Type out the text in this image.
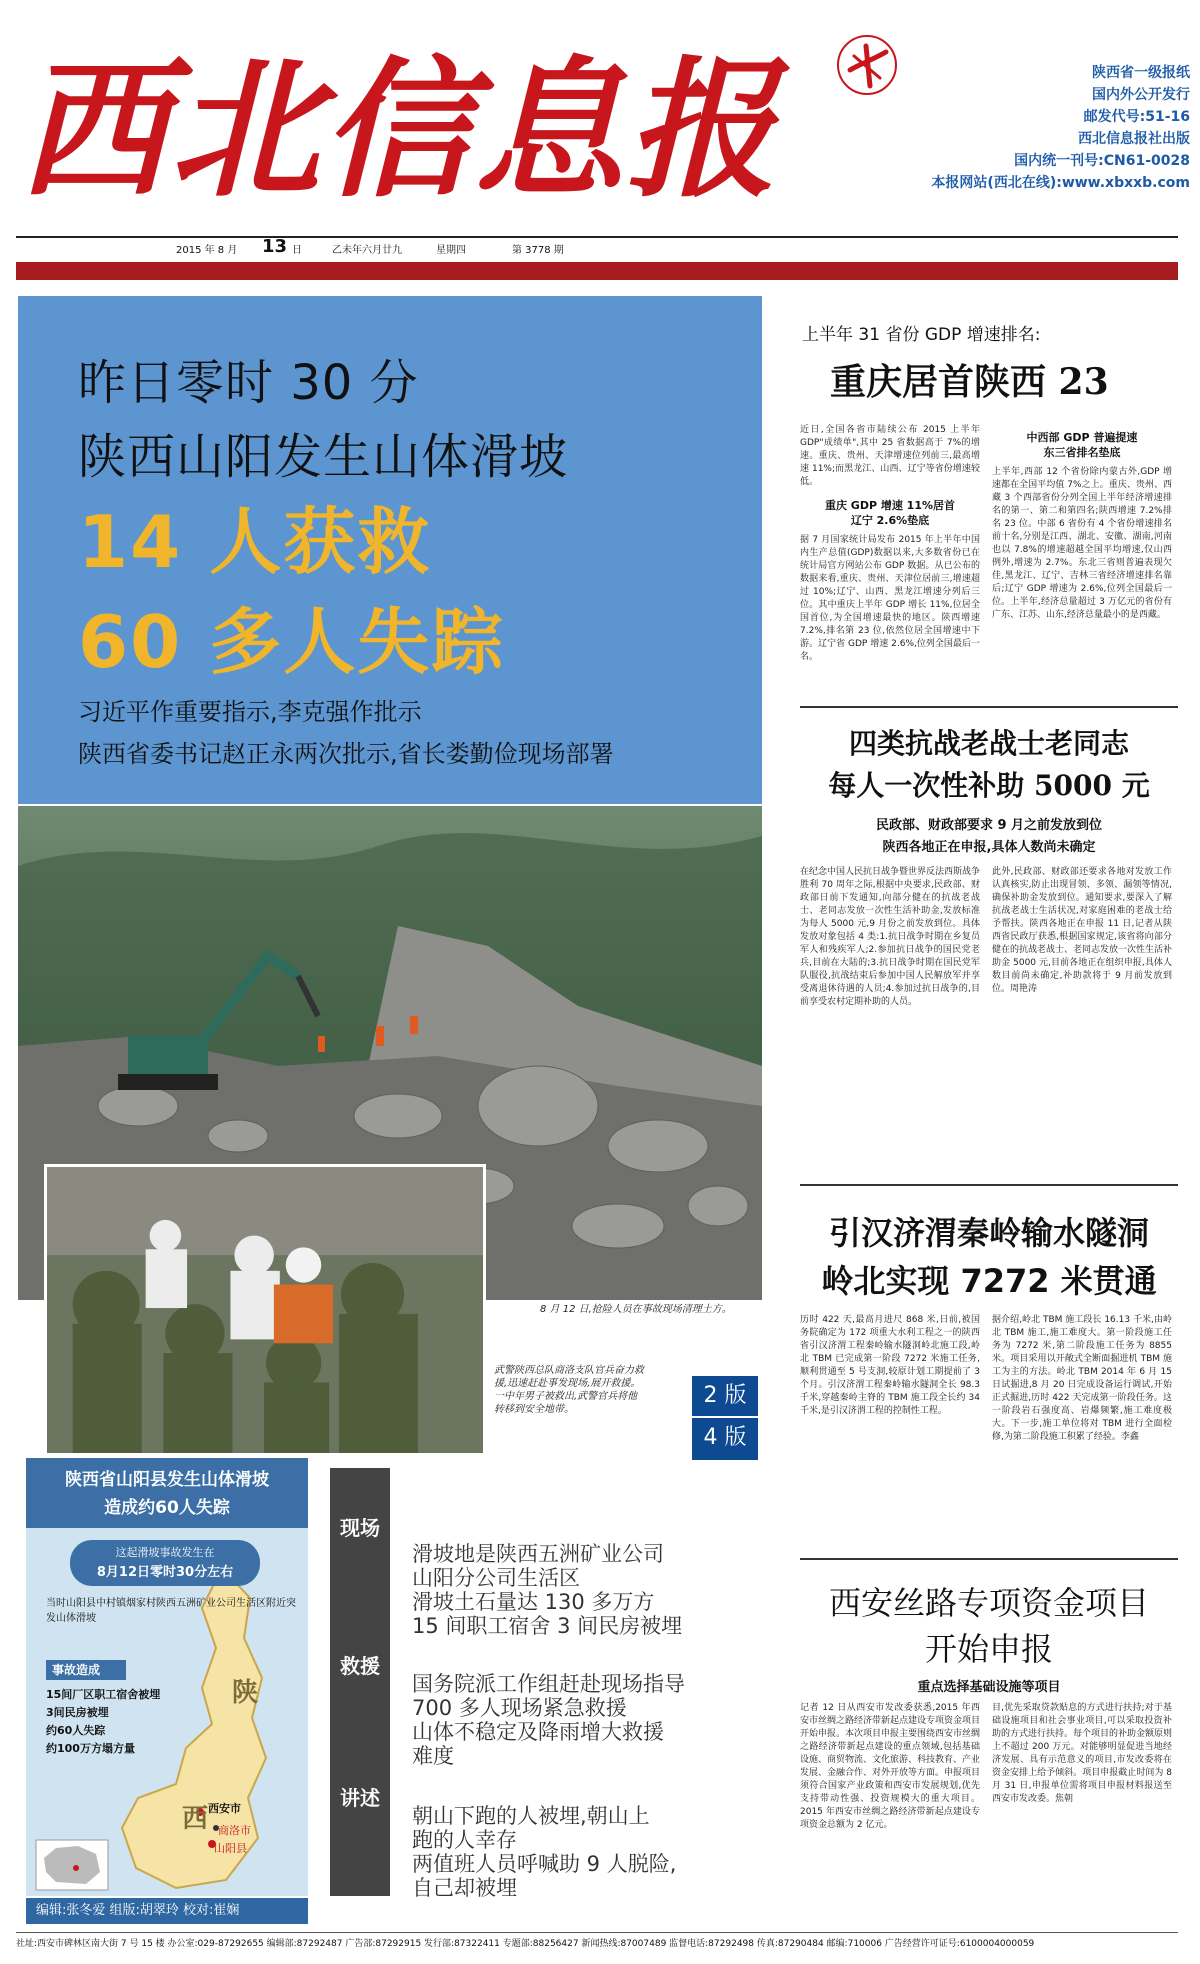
西北信息报	陕西省一级报纸
国内外公开发行
邮发代号:51-16
西北信息报社出版
国内统一刊号:CN61-0028
本报网站(西北在线):www.xbxxb.com
2015 年 8 月 13 日	乙未年六月廿九	星期四	第 3778 期
昨日零时 30 分
陕西山阳发生山体滑坡
14 人获救
60 多人失踪
习近平作重要指示,李克强作批示
陕西省委书记赵正永两次批示,省长娄勤俭现场部署
8 月 12 日,抢险人员在事故现场清理土方。
武警陕西总队商洛支队官兵奋力救援,迅速赶赴事发现场,展开救援。一中年男子被救出,武警官兵将他转移到安全地带。
2 版
4 版
陕西省山阳县发生山体滑坡
造成约60人失踪
这起滑坡事故发生在
8月12日零时30分左右
当时山阳县中村镇烟家村陕西五洲矿业公司生活区附近突发山体滑坡
事故造成
15间厂区职工宿舍被埋
3间民房被埋
约60人失踪
约100万方塌方量
陕
西 西安市
商洛市
山阳县
编辑:张冬爱 组版:胡翠玲 校对:崔娴
现场
救援
讲述
滑坡地是陕西五洲矿业公司
山阳分公司生活区
滑坡土石量达 130 多万方
15 间职工宿舍 3 间民房被埋
国务院派工作组赶赴现场指导
700 多人现场紧急救援
山体不稳定及降雨增大救援
难度
朝山下跑的人被埋,朝山上
跑的人幸存
两值班人员呼喊助 9 人脱险,
自己却被埋
上半年 31 省份 GDP 增速排名:
重庆居首陕西 23
近日,全国各省市陆续公布 2015 上半年 GDP"成绩单",其中 25 省数据高于 7%的增速。重庆、贵州、天津增速位列前三,最高增速 11%;而黑龙江、山西、辽宁等省份增速较低。
重庆 GDP 增速 11%居首
辽宁 2.6%垫底
据 7 月国家统计局发布 2015 年上半年中国内生产总值(GDP)数据以来,大多数省份已在统计局官方网站公布 GDP 数据。从已公布的数据来看,重庆、贵州、天津位居前三,增速超过 10%;辽宁、山西、黑龙江增速分列后三位。其中重庆上半年 GDP 增长 11%,位居全国首位,为全国增速最快的地区。陕西增速 7.2%,排名第 23 位,依然位居全国增速中下游。辽宁省 GDP 增速 2.6%,位列全国最后一名。
中西部 GDP 普遍提速
东三省排名垫底
上半年,西部 12 个省份除内蒙古外,GDP 增速都在全国平均值 7%之上。重庆、贵州、西藏 3 个西部省份分列全国上半年经济增速排名的第一、第二和第四名;陕西增速 7.2%排名 23 位。中部 6 省份有 4 个省份增速排名前十名,分别是江西、湖北、安徽、湖南,河南也以 7.8%的增速超越全国平均增速,仅山西例外,增速为 2.7%。东北三省则普遍表现欠佳,黑龙江、辽宁、吉林三省经济增速排名靠后;辽宁 GDP 增速为 2.6%,位列全国最后一位。上半年,经济总量超过 3 万亿元的省份有广东、江苏、山东,经济总量最小的是西藏。
四类抗战老战士老同志
每人一次性补助 5000 元
民政部、财政部要求 9 月之前发放到位
陕西各地正在申报,具体人数尚未确定
在纪念中国人民抗日战争暨世界反法西斯战争胜利 70 周年之际,根据中央要求,民政部、财政部日前下发通知,向部分健在的抗战老战士、老同志发放一次性生活补助金,发放标准为每人 5000 元,9 月份之前发放到位。具体发放对象包括 4 类:1.抗日战争时期在乡复员军人和残疾军人;2.参加抗日战争的国民党老兵,目前在大陆的;3.抗日战争时期在国民党军队服役,抗战结束后参加中国人民解放军并享受离退休待遇的人员;4.参加过抗日战争的,目前享受农村定期补助的人员。
此外,民政部、财政部还要求各地对发放工作认真核实,防止出现冒领、多领、漏领等情况,确保补助金发放到位。通知要求,要深入了解抗战老战士生活状况,对家庭困难的老战士给予帮扶。陕西各地正在申报 11 日,记者从陕西省民政厅获悉,根据国家规定,该省将向部分健在的抗战老战士、老同志发放一次性生活补助金 5000 元,目前各地正在组织申报,具体人数目前尚未确定,补助款将于 9 月前发放到位。周艳涛
引汉济渭秦岭输水隧洞
岭北实现 7272 米贯通
历时 422 天,最高月进尺 868 米,日前,被国务院确定为 172 项重大水利工程之一的陕西省引汉济渭工程秦岭输水隧洞岭北施工段,岭北 TBM 已完成第一阶段 7272 米施工任务,顺利贯通至 5 号支洞,较原计划工期提前了 3 个月。引汉济渭工程秦岭输水隧洞全长 98.3 千米,穿越秦岭主脊的 TBM 施工段全长约 34 千米,是引汉济渭工程的控制性工程。
据介绍,岭北 TBM 施工段长 16.13 千米,由岭北 TBM 施工,施工难度大。第一阶段施工任务为 7272 米,第二阶段施工任务为 8855 米。项目采用以开敞式全断面掘进机 TBM 施工为主的方法。岭北 TBM 2014 年 6 月 15 日试掘进,8 月 20 日完成设备运行调试,开始正式掘进,历时 422 天完成第一阶段任务。这一阶段岩石强度高、岩爆频繁,施工难度极大。下一步,施工单位将对 TBM 进行全面检修,为第二阶段施工积累了经验。李鑫
西安丝路专项资金项目
开始申报
重点选择基础设施等项目
记者 12 日从西安市发改委获悉,2015 年西安市丝绸之路经济带新起点建设专项资金项目开始申报。本次项目申报主要围绕西安市丝绸之路经济带新起点建设的重点领域,包括基础设施、商贸物流、文化旅游、科技教育、产业发展、金融合作、对外开放等方面。申报项目须符合国家产业政策和西安市发展规划,优先支持带动性强、投资规模大的重大项目。2015 年西安市丝绸之路经济带新起点建设专项资金总额为 2 亿元。
目,优先采取贷款贴息的方式进行扶持;对于基础设施项目和社会事业项目,可以采取投资补助的方式进行扶持。每个项目的补助金额原则上不超过 200 万元。对能够明显促进当地经济发展、具有示范意义的项目,市发改委将在资金安排上给予倾斜。项目申报截止时间为 8 月 31 日,申报单位需将项目申报材料报送至西安市发改委。焦朝
社址:西安市碑林区南大街 7 号 15 楼 办公室:029-87292655 编辑部:87292487 广告部:87292915 发行部:87322411 专题部:88256427 新闻热线:87007489 监督电话:87292498 传真:87290484 邮编:710006 广告经营许可证号:6100004000059
